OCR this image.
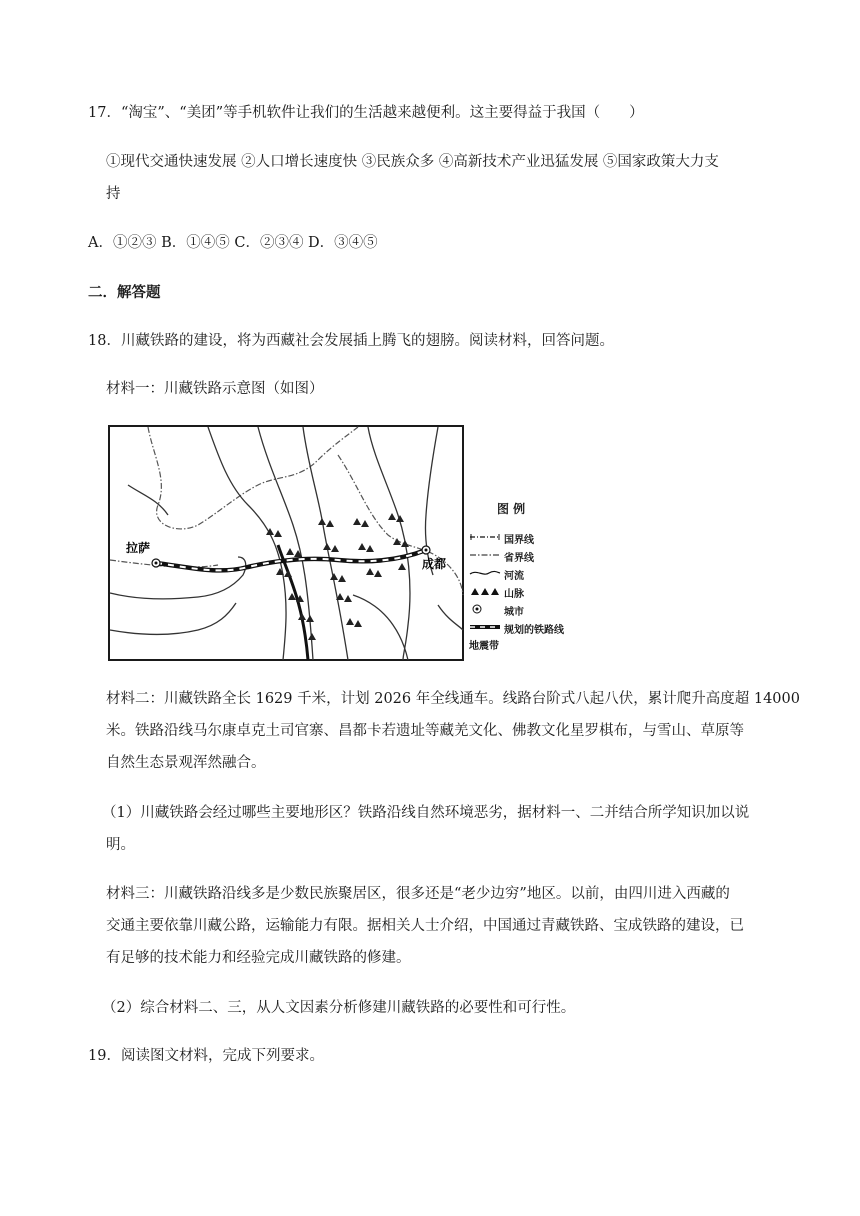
17．“淘宝”、“美团”等手机软件让我们的生活越来越便利。这主要得益于我国（　　）
①现代交通快速发展 ②人口增长速度快 ③民族众多 ④高新技术产业迅猛发展 ⑤国家政策大力支
持
A．①②③ B．①④⑤ C．②③④ D．③④⑤
二．解答题
18．川藏铁路的建设，将为西藏社会发展插上腾飞的翅膀。阅读材料，回答问题。
材料一：川藏铁路示意图（如图）
拉萨
成都
图 例
国界线
省界线
河流
山脉
城市
规划的铁路线
地震带
材料二：川藏铁路全长 1629 千米，计划 2026 年全线通车。线路台阶式八起八伏，累计爬升高度超 14000
米。铁路沿线马尔康卓克土司官寨、昌都卡若遗址等藏羌文化、佛教文化星罗棋布，与雪山、草原等
自然生态景观浑然融合。
（1）川藏铁路会经过哪些主要地形区？铁路沿线自然环境恶劣，据材料一、二并结合所学知识加以说
明。
材料三：川藏铁路沿线多是少数民族聚居区，很多还是“老少边穷”地区。以前，由四川进入西藏的
交通主要依靠川藏公路，运输能力有限。据相关人士介绍，中国通过青藏铁路、宝成铁路的建设，已
有足够的技术能力和经验完成川藏铁路的修建。
（2）综合材料二、三，从人文因素分析修建川藏铁路的必要性和可行性。
19．阅读图文材料，完成下列要求。
